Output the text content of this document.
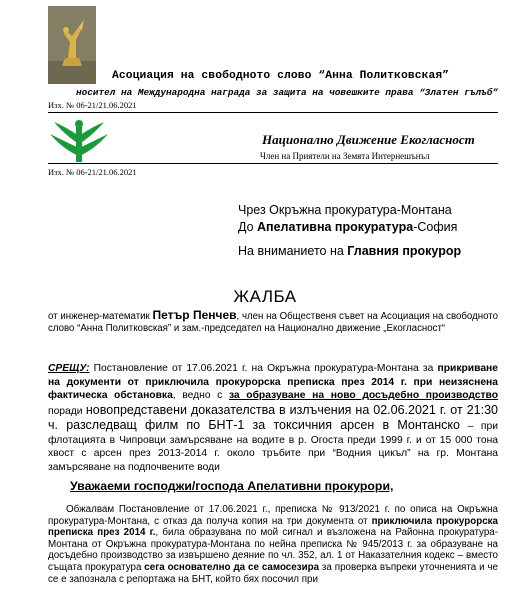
Асоциация на свободното слово “Анна Политковская”
носител на Международна награда за защита на човешките права “Златен гълъб”
Изх. № 06-21/21.06.2021
Национално Движение Екогласност
Член на Приятели на Земята Интернешънъл
Изх. № 06-21/21.06.2021
Чрез Окръжна прокуратура-Монтана
До Апелативна прокуратура-София
На вниманието на Главния прокурор
ЖАЛБА
от инженер-математик Петър Пенчев, член на Общественя съвет на Асоциация на свободното слово “Анна Политковская” и зам.-председател на Национално движение „Екогласност“
СРЕЩУ: Постановление от 17.06.2021 г. на Окръжна прокуратура-Монтана за прикриване на документи от приключила прокурорска преписка през 2014 г. при неизяснена фактическа обстановка, ведно с за образуване на ново досъдебно производство поради новопредставени доказателства в излъчения на 02.06.2021 г. от 21:30 ч. разследващ филм по БНТ-1 за токсичния арсен в Монтанско – при флотацията в Чипровци замърсяване на водите в р. Огоста преди 1999 г. и от 15 000 тона хвост с арсен през 2013-2014 г. около тръбите при “Водния цикъл” на гр. Монтана замърсяване на подпочвените води
Уважаеми господжи/господа Апелативни прокурори,
Обжалвам Постановление от 17.06.2021 г., преписка № 913/2021 г. по описа на Окръжна прокуратура-Монтана, с отказ да получа копия на три документа от приключила прокурорска преписка през 2014 г., била образувана по мой сигнал и възложена на Районна прокуратура-Монтана от Окръжна прокуратура-Монтана по нейна преписка № 945/2013 г. за образуване на досъдебно производство за извършено деяние по чл. 352, ал. 1 от Наказателния кодекс – вместо същата прокуратура сега основателно да се самосезира за проверка въпреки уточненията и че се е запознала с репортажа на БНТ, който бях посочил при
